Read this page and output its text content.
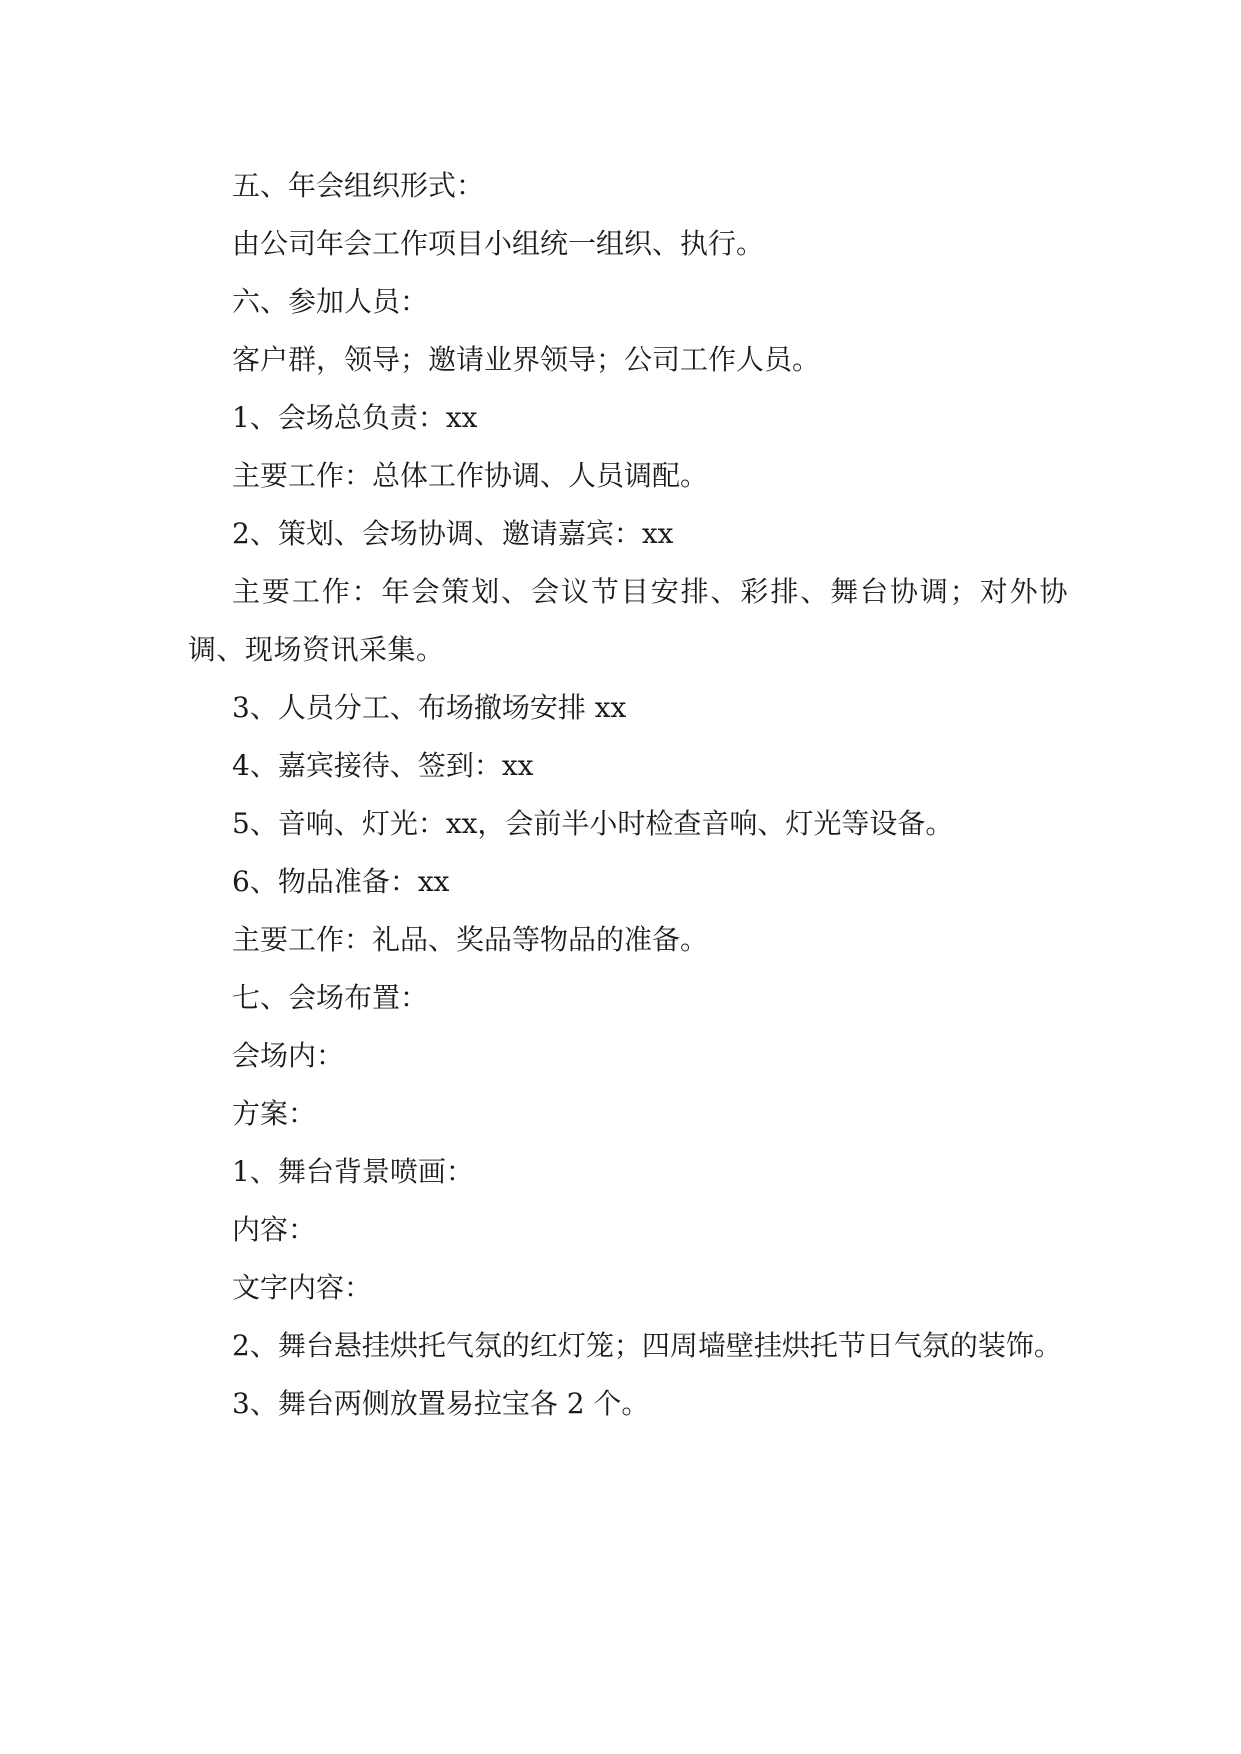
五、年会组织形式：

由公司年会工作项目小组统一组织、执行。

六、参加人员：

客户群，领导；邀请业界领导；公司工作人员。

1、会场总负责：xx

主要工作：总体工作协调、人员调配。

2、策划、会场协调、邀请嘉宾：xx

主要工作：年会策划、会议节目安排、彩排、舞台协调；对外协调、现场资讯采集。

3、人员分工、布场撤场安排 xx

4、嘉宾接待、签到：xx

5、音响、灯光：xx，会前半小时检查音响、灯光等设备。

6、物品准备：xx

主要工作：礼品、奖品等物品的准备。

七、会场布置：

会场内：

方案：

1、舞台背景喷画：

内容：

文字内容：

2、舞台悬挂烘托气氛的红灯笼；四周墙壁挂烘托节日气氛的装饰。

3、舞台两侧放置易拉宝各 2 个。
